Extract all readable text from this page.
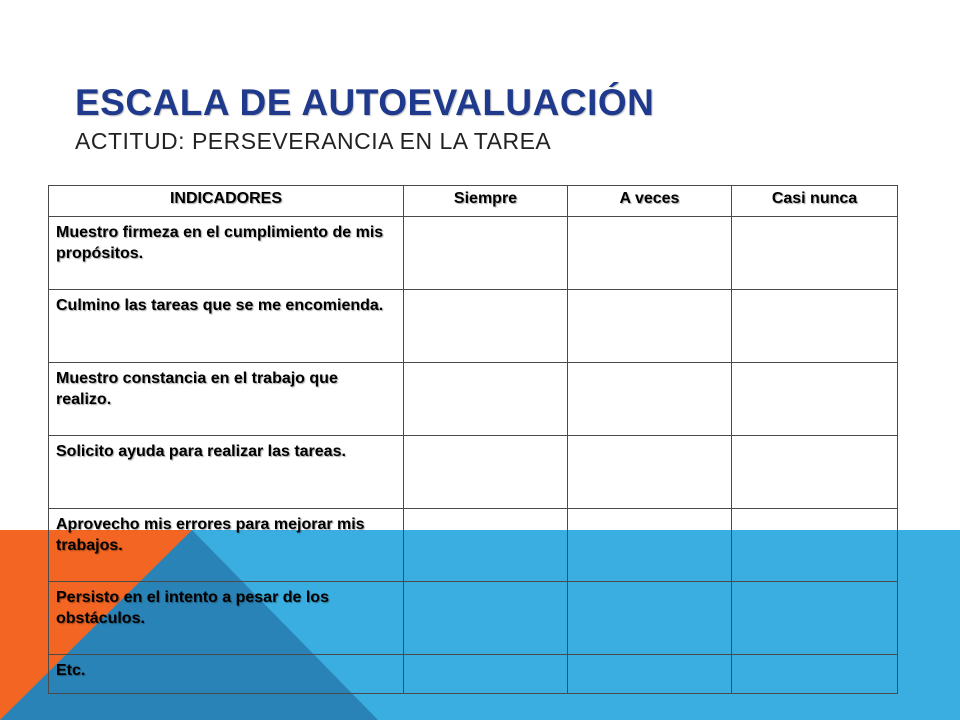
ESCALA DE AUTOEVALUACIÓN
ACTITUD: PERSEVERANCIA EN LA TAREA
INDICADORES	Siempre	A veces	Casi nunca
Muestro firmeza en el cumplimiento de mis propósitos.			
Culmino las tareas que se me encomienda.			
Muestro constancia en el trabajo que realizo.			
Solicito ayuda para realizar las tareas.			
Aprovecho mis errores para mejorar mis trabajos.			
Persisto en el intento a pesar de los obstáculos.			
Etc.			
